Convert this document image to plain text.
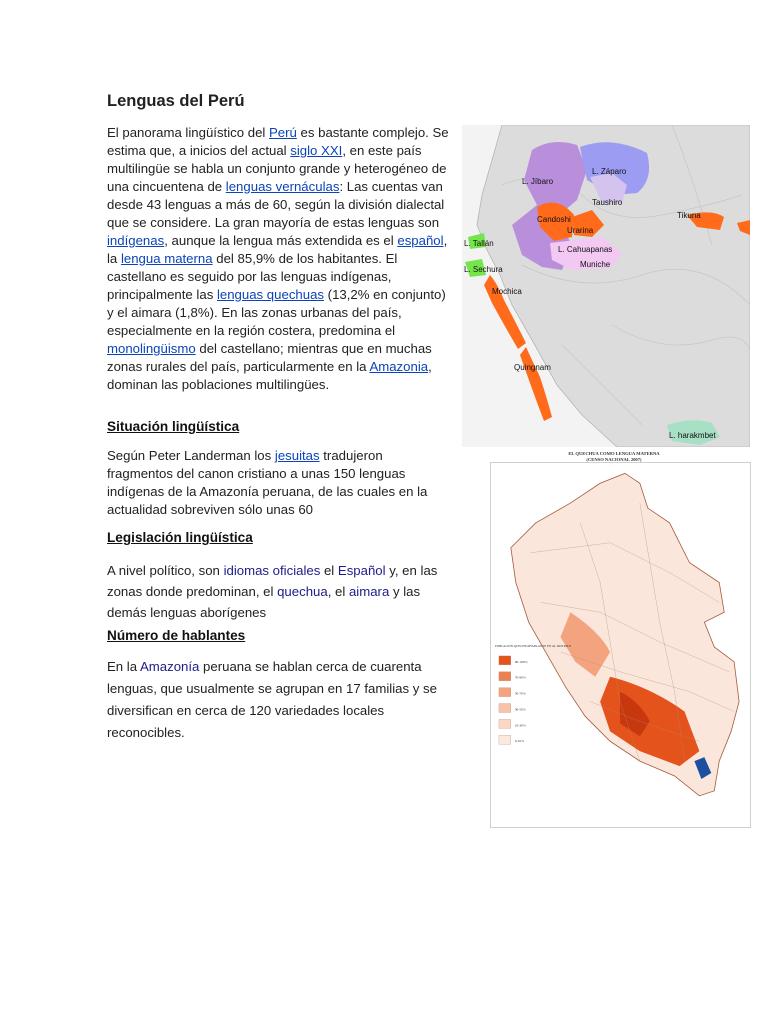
Lenguas del Perú

El panorama lingüístico del Perú es bastante complejo. Se estima que, a inicios del actual siglo XXI, en este país multilingüe se habla un conjunto grande y heterogéneo de una cincuentena de lenguas vernáculas: Las cuentas van desde 43 lenguas a más de 60, según la división dialectal que se considere. La gran mayoría de estas lenguas son indígenas, aunque la lengua más extendida es el español, la lengua materna del 85,9% de los habitantes. El castellano es seguido por las lenguas indígenas, principalmente las lenguas quechuas (13,2% en conjunto) y el aimara (1,8%). En las zonas urbanas del país, especialmente en la región costera, predomina el monolingüismo del castellano; mientras que en muchas zonas rurales del país, particularmente en la Amazonia, dominan las poblaciones multilingües.

Situación lingüística

Según Peter Landerman los jesuitas tradujeron fragmentos del canon cristiano a unas 150 lenguas indígenas de la Amazonía peruana, de las cuales en la actualidad sobreviven sólo unas 60

Legislación lingüística

A nivel político, son idiomas oficiales el Español y, en las zonas donde predominan, el quechua, el aimara y las demás lenguas aborígenes

Número de hablantes

En la Amazonía peruana se hablan cerca de cuarenta lenguas, que usualmente se agrupan en 17 familias y se diversifican en cerca de 120 variedades locales reconocibles.

L. Záparo
L. Jíbaro
Taushiro
Candoshi
Urarina
Tikuna
L. Tallán
L. Cahuapanas
Muniche
L. Sechura
Mochica
Quingnam
L. harakmbet
EL QUECHUA COMO LENGUA MATERNA
(CENSO NACIONAL 2007)
POBLACIÓN QUECHUAHABLANTE EN AL DISTRITO
90-100%
70-90%
50-70%
30-50%
10-30%
0-10%
